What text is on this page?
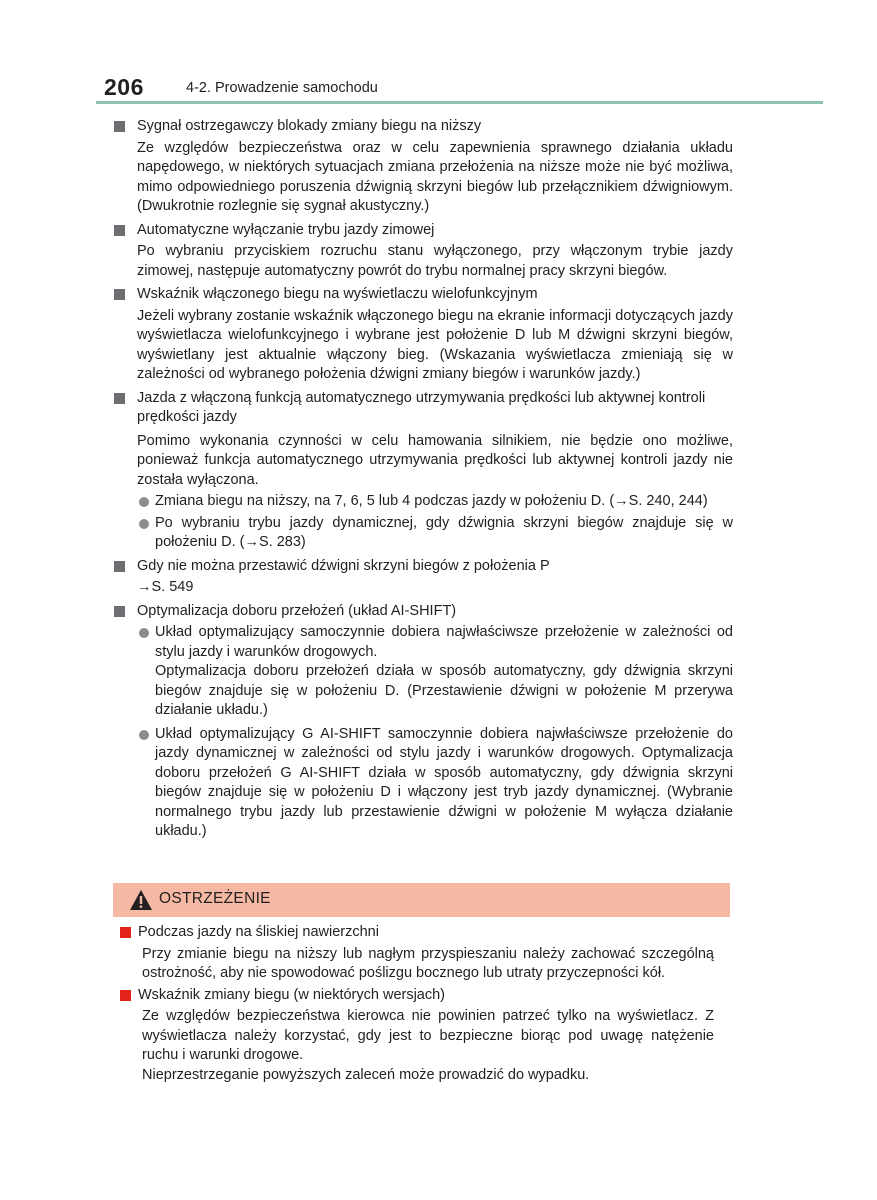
206	4-2. Prowadzenie samochodu
Sygnał ostrzegawczy blokady zmiany biegu na niższy

Ze względów bezpieczeństwa oraz w celu zapewnienia sprawnego działania układu napędowego, w niektórych sytuacjach zmiana przełożenia na niższe może nie być możliwa, mimo odpowiedniego poruszenia dźwignią skrzyni biegów lub przełącznikiem dźwigniowym. (Dwukrotnie rozlegnie się sygnał akustyczny.)

Automatyczne wyłączanie trybu jazdy zimowej

Po wybraniu przyciskiem rozruchu stanu wyłączonego, przy włączonym trybie jazdy zimowej, następuje automatyczny powrót do trybu normalnej pracy skrzyni biegów.

Wskaźnik włączonego biegu na wyświetlaczu wielofunkcyjnym

Jeżeli wybrany zostanie wskaźnik włączonego biegu na ekranie informacji dotyczących jazdy wyświetlacza wielofunkcyjnego i wybrane jest położenie D lub M dźwigni skrzyni biegów, wyświetlany jest aktualnie włączony bieg. (Wskazania wyświetlacza zmieniają się w zależności od wybranego położenia dźwigni zmiany biegów i warunków jazdy.)

Jazda z włączoną funkcją automatycznego utrzymywania prędkości lub aktywnej kontroli prędkości jazdy

Pomimo wykonania czynności w celu hamowania silnikiem, nie będzie ono możliwe, ponieważ funkcja automatycznego utrzymywania prędkości lub aktywnej kontroli jazdy nie została wyłączona.

Zmiana biegu na niższy, na 7, 6, 5 lub 4 podczas jazdy w położeniu D. (→S. 240, 244)

Po wybraniu trybu jazdy dynamicznej, gdy dźwignia skrzyni biegów znajduje się w położeniu D. (→S. 283)

Gdy nie można przestawić dźwigni skrzyni biegów z położenia P

→S. 549

Optymalizacja doboru przełożeń (układ AI-SHIFT)

Układ optymalizujący samoczynnie dobiera najwłaściwsze przełożenie w zależności od stylu jazdy i warunków drogowych.

Optymalizacja doboru przełożeń działa w sposób automatyczny, gdy dźwignia skrzyni biegów znajduje się w położeniu D. (Przestawienie dźwigni w położenie M przerywa działanie układu.)

Układ optymalizujący G AI-SHIFT samoczynnie dobiera najwłaściwsze przełożenie do jazdy dynamicznej w zależności od stylu jazdy i warunków drogowych. Optymalizacja doboru przełożeń G AI-SHIFT działa w sposób automatyczny, gdy dźwignia skrzyni biegów znajduje się w położeniu D i włączony jest tryb jazdy dynamicznej. (Wybranie normalnego trybu jazdy lub przestawienie dźwigni w położenie M wyłącza działanie układu.)

OSTRZEŻENIE
Podczas jazdy na śliskiej nawierzchni

Przy zmianie biegu na niższy lub nagłym przyspieszaniu należy zachować szczególną ostrożność, aby nie spowodować poślizgu bocznego lub utraty przyczepności kół.

Wskaźnik zmiany biegu (w niektórych wersjach)

Ze względów bezpieczeństwa kierowca nie powinien patrzeć tylko na wyświetlacz. Z wyświetlacza należy korzystać, gdy jest to bezpieczne biorąc pod uwagę natężenie ruchu i warunki drogowe.

Nieprzestrzeganie powyższych zaleceń może prowadzić do wypadku.
